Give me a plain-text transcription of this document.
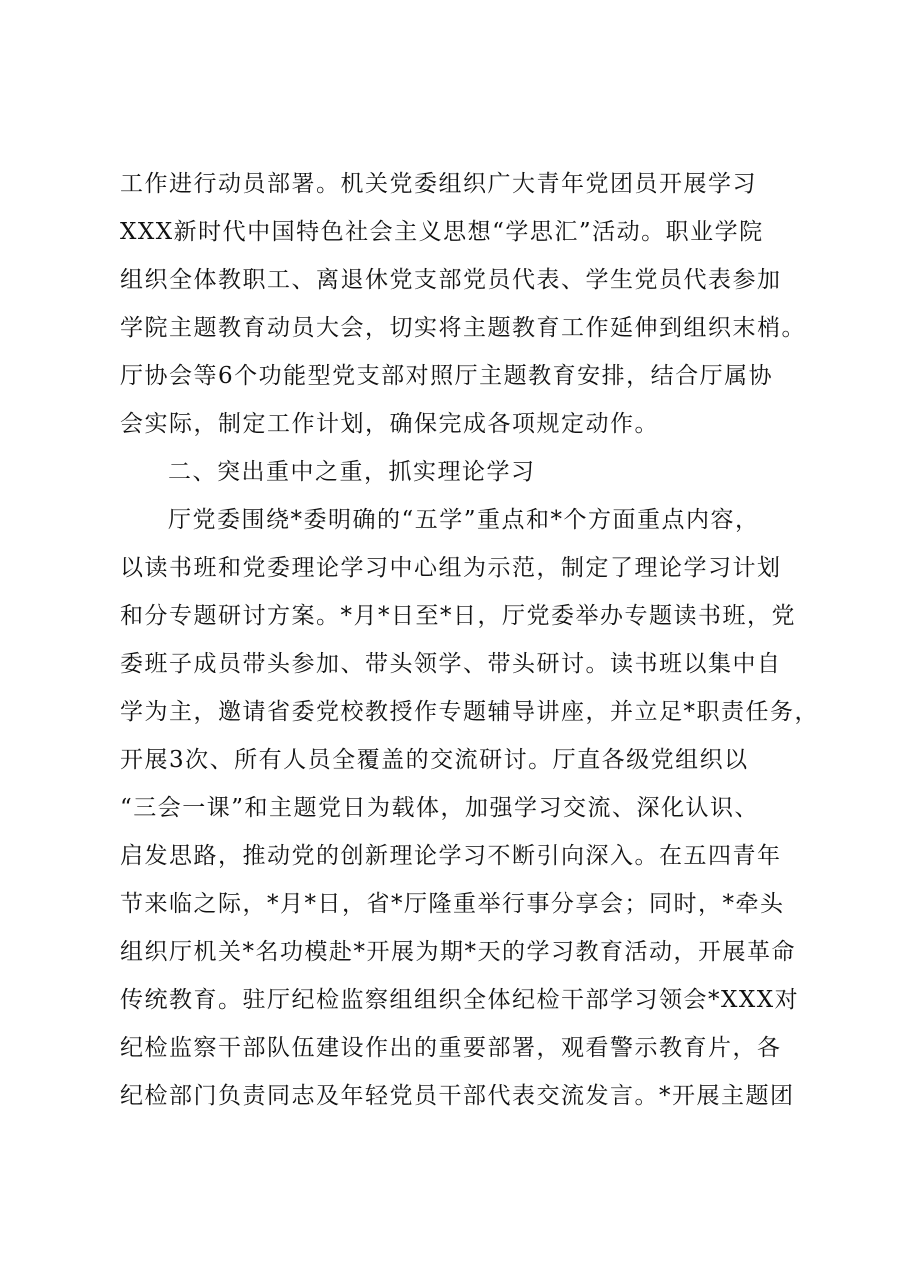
工作进行动员部署。机关党委组织广大青年党团员开展学习

XXX新时代中国特色社会主义思想“学思汇”活动。职业学院

组织全体教职工、离退休党支部党员代表、学生党员代表参加

学院主题教育动员大会，切实将主题教育工作延伸到组织末梢。

厅协会等6个功能型党支部对照厅主题教育安排，结合厅属协

会实际，制定工作计划，确保完成各项规定动作。

二、突出重中之重，抓实理论学习

厅党委围绕*委明确的“五学”重点和*个方面重点内容，

以读书班和党委理论学习中心组为示范，制定了理论学习计划

和分专题研讨方案。*月*日至*日，厅党委举办专题读书班，党

委班子成员带头参加、带头领学、带头研讨。读书班以集中自

学为主，邀请省委党校教授作专题辅导讲座，并立足*职责任务，

开展3次、所有人员全覆盖的交流研讨。厅直各级党组织以

“三会一课”和主题党日为载体，加强学习交流、深化认识、

启发思路，推动党的创新理论学习不断引向深入。在五四青年

节来临之际，*月*日，省*厅隆重举行事分享会；同时，*牵头

组织厅机关*名功模赴*开展为期*天的学习教育活动，开展革命

传统教育。驻厅纪检监察组组织全体纪检干部学习领会*XXX对

纪检监察干部队伍建设作出的重要部署，观看警示教育片，各

纪检部门负责同志及年轻党员干部代表交流发言。*开展主题团
